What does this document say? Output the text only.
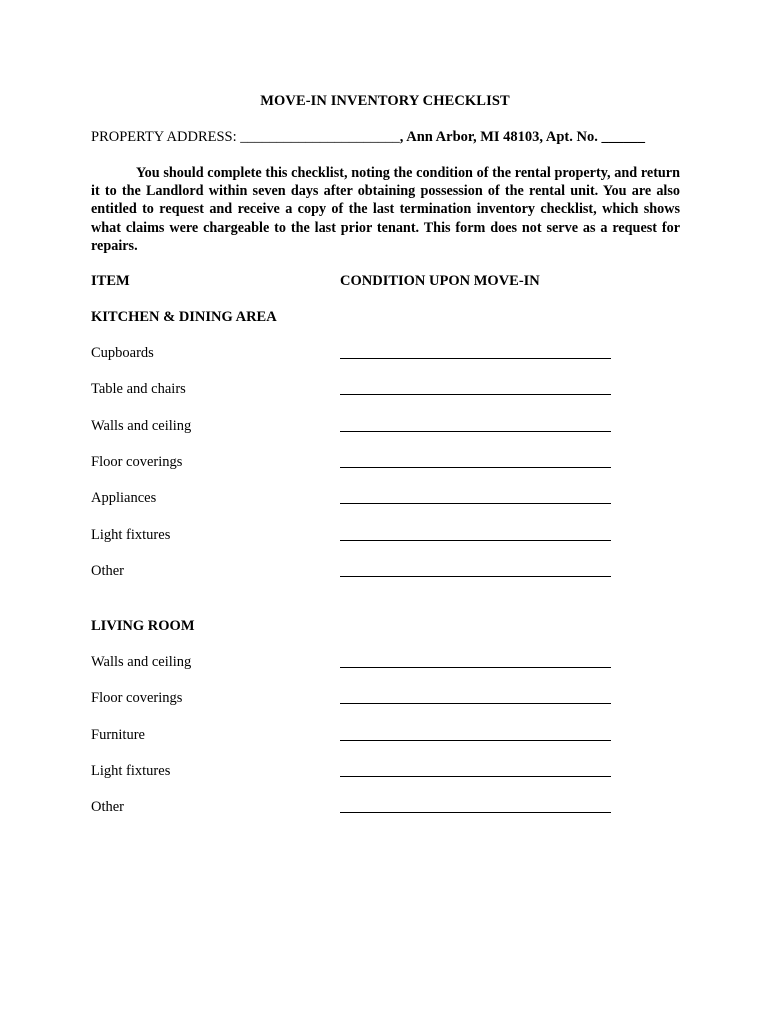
MOVE-IN INVENTORY CHECKLIST
PROPERTY ADDRESS: ______________________, Ann Arbor, MI 48103, Apt. No. ______

You should complete this checklist, noting the condition of the rental property, and return it to the Landlord within seven days after obtaining possession of the rental unit. You are also entitled to request and receive a copy of the last termination inventory checklist, which shows what claims were chargeable to the last prior tenant. This form does not serve as a request for repairs.

ITEM	CONDITION UPON MOVE-IN
KITCHEN & DINING AREA
Cupboards
Table and chairs
Walls and ceiling
Floor coverings
Appliances
Light fixtures
Other
LIVING ROOM
Walls and ceiling
Floor coverings
Furniture
Light fixtures
Other
